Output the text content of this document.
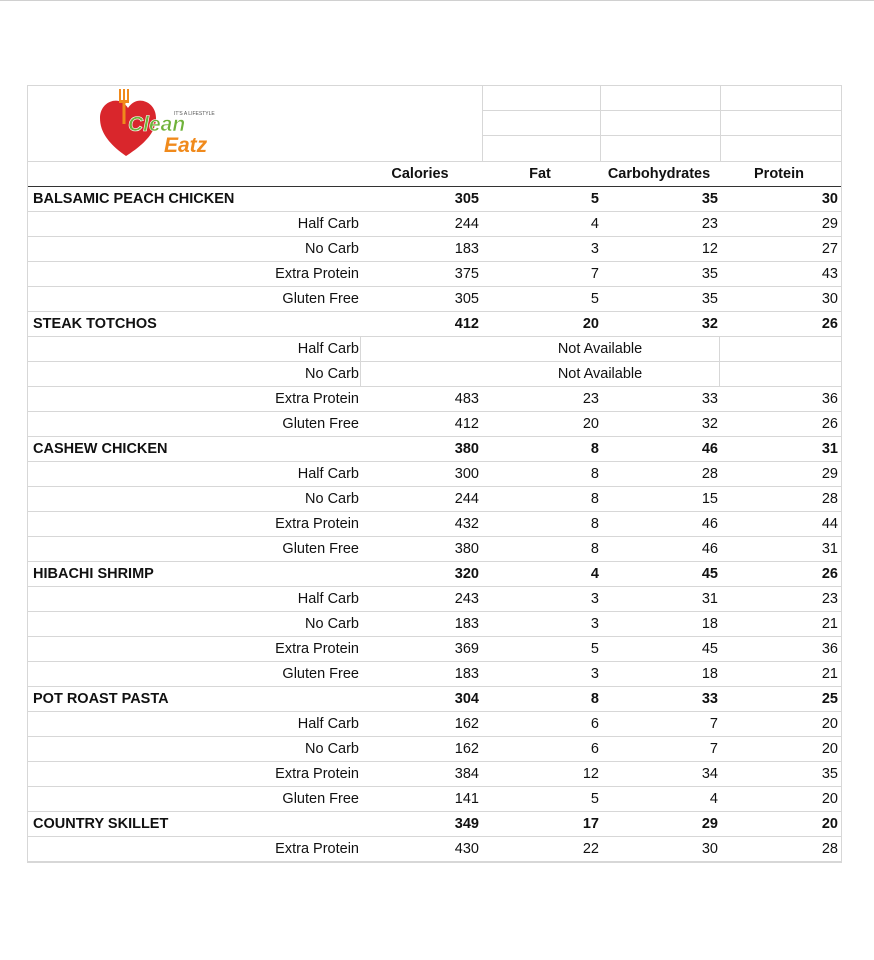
IT'S A LIFESTYLE
Clean
Eatz
Calories	Fat	Carbohydrates	Protein
BALSAMIC PEACH CHICKEN	305	5	35	30
Half Carb	244	4	23	29
No Carb	183	3	12	27
Extra Protein	375	7	35	43
Gluten Free	305	5	35	30
STEAK TOTCHOS	412	20	32	26
Half Carb	Not Available
No Carb	Not Available
Extra Protein	483	23	33	36
Gluten Free	412	20	32	26
CASHEW CHICKEN	380	8	46	31
Half Carb	300	8	28	29
No Carb	244	8	15	28
Extra Protein	432	8	46	44
Gluten Free	380	8	46	31
HIBACHI SHRIMP	320	4	45	26
Half Carb	243	3	31	23
No Carb	183	3	18	21
Extra Protein	369	5	45	36
Gluten Free	183	3	18	21
POT ROAST PASTA	304	8	33	25
Half Carb	162	6	7	20
No Carb	162	6	7	20
Extra Protein	384	12	34	35
Gluten Free	141	5	4	20
COUNTRY SKILLET	349	17	29	20
Extra Protein	430	22	30	28
